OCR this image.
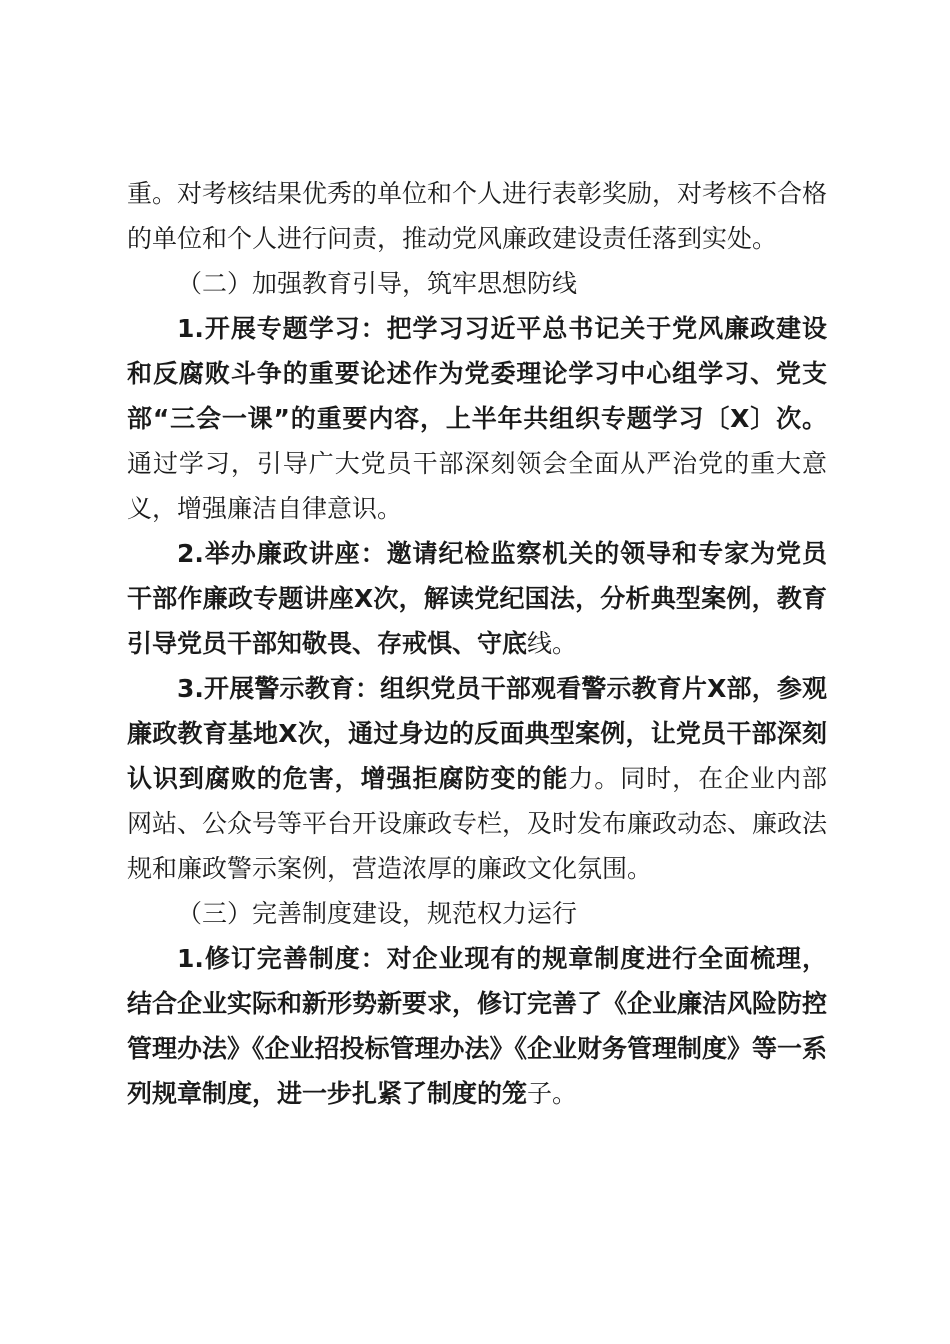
重。对考核结果优秀的单位和个人进行表彰奖励，对考核不合格的单位和个人进行问责，推动党风廉政建设责任落到实处。

（二）加强教育引导，筑牢思想防线

1.开展专题学习：把学习习近平总书记关于党风廉政建设和反腐败斗争的重要论述作为党委理论学习中心组学习、党支部“三会一课”的重要内容，上半年共组织专题学习〔X〕次。通过学习，引导广大党员干部深刻领会全面从严治党的重大意义，增强廉洁自律意识。

2.举办廉政讲座：邀请纪检监察机关的领导和专家为党员干部作廉政专题讲座X次，解读党纪国法，分析典型案例，教育引导党员干部知敬畏、存戒惧、守底线。

3.开展警示教育：组织党员干部观看警示教育片X部，参观廉政教育基地X次，通过身边的反面典型案例，让党员干部深刻认识到腐败的危害，增强拒腐防变的能力。同时，在企业内部网站、公众号等平台开设廉政专栏，及时发布廉政动态、廉政法规和廉政警示案例，营造浓厚的廉政文化氛围。

（三）完善制度建设，规范权力运行

1.修订完善制度：对企业现有的规章制度进行全面梳理，结合企业实际和新形势新要求，修订完善了《企业廉洁风险防控管理办法》《企业招投标管理办法》《企业财务管理制度》等一系列规章制度，进一步扎紧了制度的笼子。
